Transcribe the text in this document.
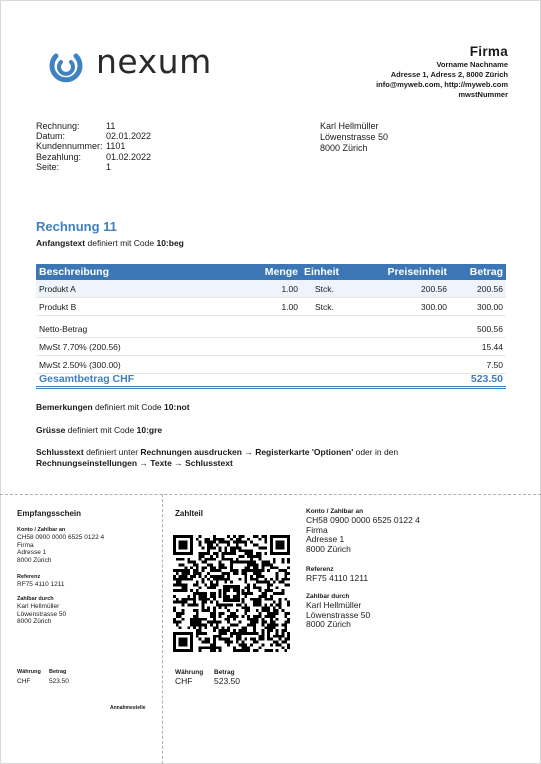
nexum	Firma
Vorname Nachname
Adresse 1, Adress 2, 8000 Zürich
info@myweb.com, http://myweb.com
mwstNummer
Rechnung:	11
Datum:	02.01.2022
Kundennummer: 1101
Bezahlung:	01.02.2022
Seite:	1
Karl Hellmüller
Löwenstrasse 50
8000 Zürich
Rechnung 11
Anfangstext definiert mit Code 10:beg
Beschreibung	Menge	Einheit	Preiseinheit	Betrag
Produkt A	1.00	Stck.	200.56	200.56
Produkt B	1.00	Stck.	300.00	300.00
Netto-Betrag	500.56
MwSt 7.70% (200.56)	15.44
MwSt 2.50% (300.00)	7.50
Gesamtbetrag CHF	523.50
Bemerkungen definiert mit Code 10:not
Grüsse definiert mit Code 10:gre
Schlusstext definiert unter Rechnungen ausdrucken → Registerkarte 'Optionen' oder in den
Rechnungseinstellungen → Texte → Schlusstext
Empfangsschein
Konto / Zahlbar an
CH58 0900 0000 6525 0122 4
Firma
Adresse 1
8000 Zürich
Referenz
RF75 4110 1211
Zahlbar durch
Karl Hellmüller
Löwenstrasse 50
8000 Zürich
Währung
CHF
Betrag
523.50
Annahmestelle
Zahlteil
Währung
CHF
Betrag
523.50
Konto / Zahlbar an
CH58 0900 0000 6525 0122 4
Firma
Adresse 1
8000 Zürich
Referenz
RF75 4110 1211
Zahlbar durch
Karl Hellmüller
Löwenstrasse 50
8000 Zürich
